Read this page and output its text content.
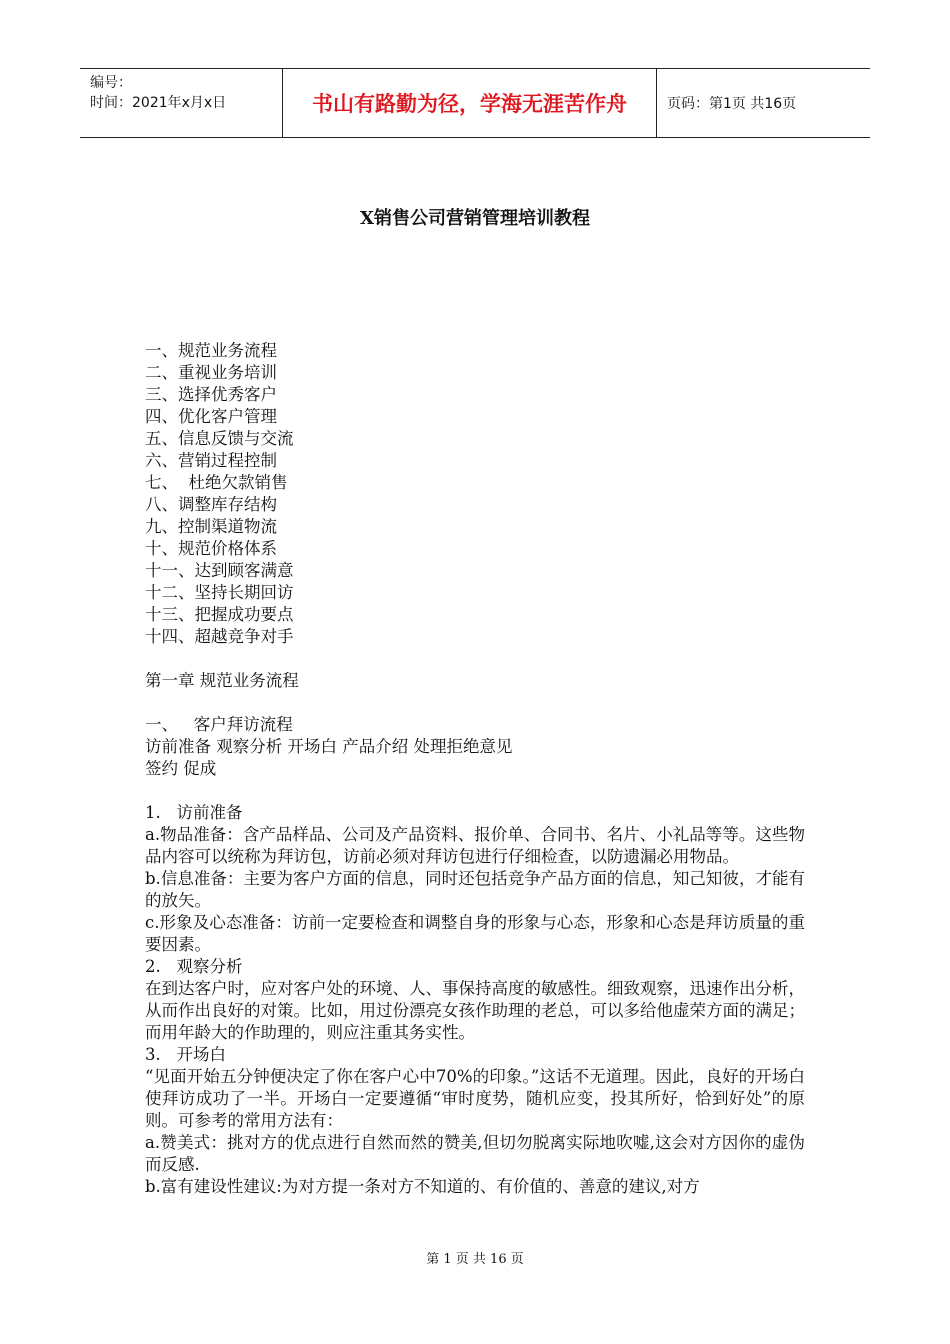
编号：
时间：2021年x月x日	书山有路勤为径，学海无涯苦作舟	页码：第1页 共16页
X销售公司营销管理培训教程
一、规范业务流程
二、重视业务培训
三、选择优秀客户
四、优化客户管理
五、信息反馈与交流
六、营销过程控制
七、  杜绝欠款销售
八、调整库存结构
九、控制渠道物流
十、规范价格体系
十一、达到顾客满意
十二、坚持长期回访
十三、把握成功要点
十四、超越竞争对手
第一章 规范业务流程
一、   客户拜访流程
访前准备 观察分析 开场白 产品介绍 处理拒绝意见
签约 促成
1.   访前准备

a.物品准备：含产品样品、公司及产品资料、报价单、合同书、名片、小礼品等等。这些物品内容可以统称为拜访包，访前必须对拜访包进行仔细检查，以防遗漏必用物品。

b.信息准备：主要为客户方面的信息，同时还包括竞争产品方面的信息，知己知彼，才能有的放矢。

c.形象及心态准备：访前一定要检查和调整自身的形象与心态，形象和心态是拜访质量的重要因素。

2.   观察分析

在到达客户时，应对客户处的环境、人、事保持高度的敏感性。细致观察，迅速作出分析，从而作出良好的对策。比如，用过份漂亮女孩作助理的老总，可以多给他虚荣方面的满足；而用年龄大的作助理的，则应注重其务实性。

3.   开场白

“见面开始五分钟便决定了你在客户心中70%的印象。”这话不无道理。因此，良好的开场白使拜访成功了一半。开场白一定要遵循“审时度势，随机应变，投其所好，恰到好处”的原则。可参考的常用方法有：

a.赞美式：挑对方的优点进行自然而然的赞美,但切勿脱离实际地吹嘘,这会对方因你的虚伪而反感.

b.富有建设性建议:为对方提一条对方不知道的、有价值的、善意的建议,对方

第 1 页 共 16 页
